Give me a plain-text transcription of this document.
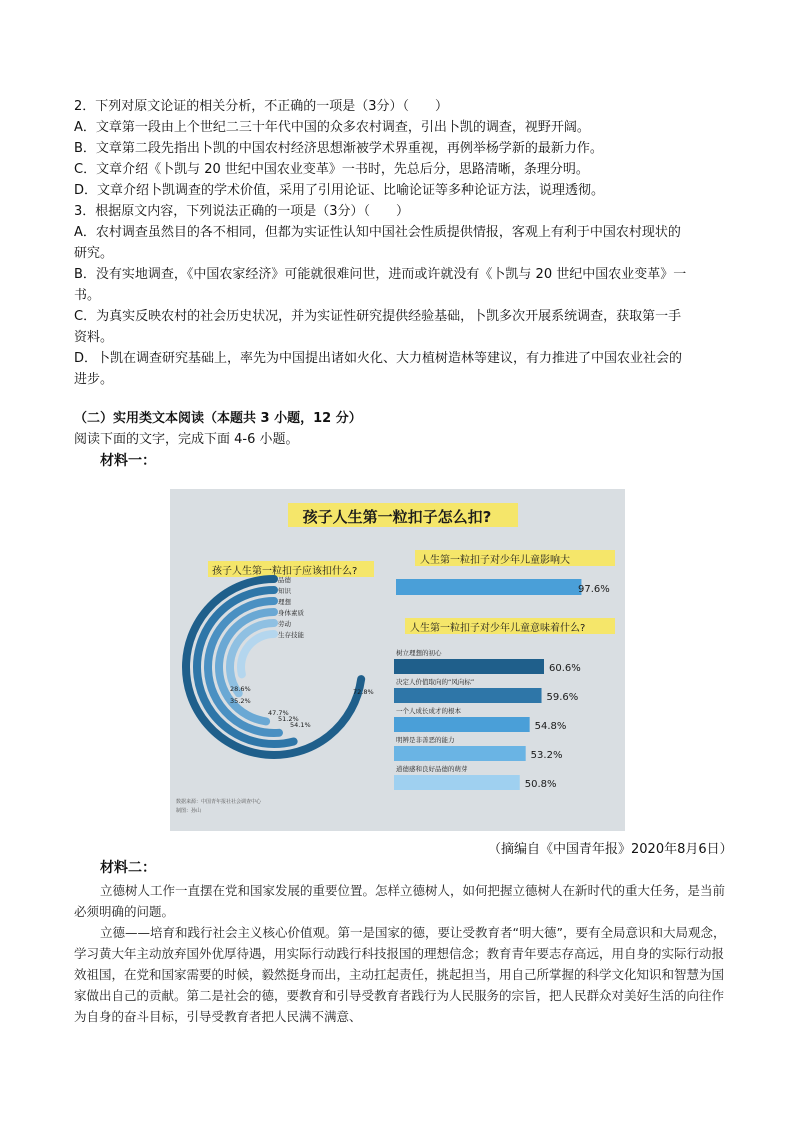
2．下列对原文论证的相关分析，不正确的一项是（3分）（　　）
A．文章第一段由上个世纪二三十年代中国的众多农村调查，引出卜凯的调查，视野开阔。
B．文章第二段先指出卜凯的中国农村经济思想渐被学术界重视，再例举杨学新的最新力作。
C．文章介绍《卜凯与 20 世纪中国农业变革》一书时，先总后分，思路清晰，条理分明。
D．文章介绍卜凯调查的学术价值，采用了引用论证、比喻论证等多种论证方法，说理透彻。
3．根据原文内容，下列说法正确的一项是（3分）（　　）
A．农村调查虽然目的各不相同，但都为实证性认知中国社会性质提供情报，客观上有利于中国农村现状的
研究。
B．没有实地调查，《中国农家经济》可能就很难问世，进而或许就没有《卜凯与 20 世纪中国农业变革》一
书。
C．为真实反映农村的社会历史状况，并为实证性研究提供经验基础，卜凯多次开展系统调查，获取第一手
资料。
D．卜凯在调查研究基础上，率先为中国提出诸如火化、大力植树造林等建议，有力推进了中国农业社会的
进步。
（二）实用类文本阅读（本题共 3 小题，12 分）
阅读下面的文字，完成下面 4-6 小题。
材料一：
孩子人生第一粒扣子怎么扣?
孩子人生第一粒扣子应该扣什么?
品德
知识
理想
身体素质
劳动
生存技能
72.8%
54.1%
51.2%
47.7%
35.2%
28.6%
人生第一粒扣子对少年儿童影响大
97.6%
人生第一粒扣子对少年儿童意味着什么?
树立理想的初心
60.6%
决定人价值取向的“风向标”
59.6%
一个人成长成才的根本
54.8%
明辨是非善恶的能力
53.2%
道德感和良好品德的萌芽
50.8%
数据来源：中国青年报社社会调查中心
制图：孙山
（摘编自《中国青年报》2020年8月6日）
材料二：
立德树人工作一直摆在党和国家发展的重要位置。怎样立德树人，如何把握立德树人在新时代的重大任务，是当前必须明确的问题。
立德——培育和践行社会主义核心价值观。第一是国家的德，要让受教育者“明大德”，要有全局意识和大局观念，学习黄大年主动放弃国外优厚待遇，用实际行动践行科技报国的理想信念；教育青年要志存高远，用自身的实际行动报效祖国，在党和国家需要的时候，毅然挺身而出，主动扛起责任，挑起担当，用自己所掌握的科学文化知识和智慧为国家做出自己的贡献。第二是社会的德，要教育和引导受教育者践行为人民服务的宗旨，把人民群众对美好生活的向往作为自身的奋斗目标，引导受教育者把人民满不满意、
